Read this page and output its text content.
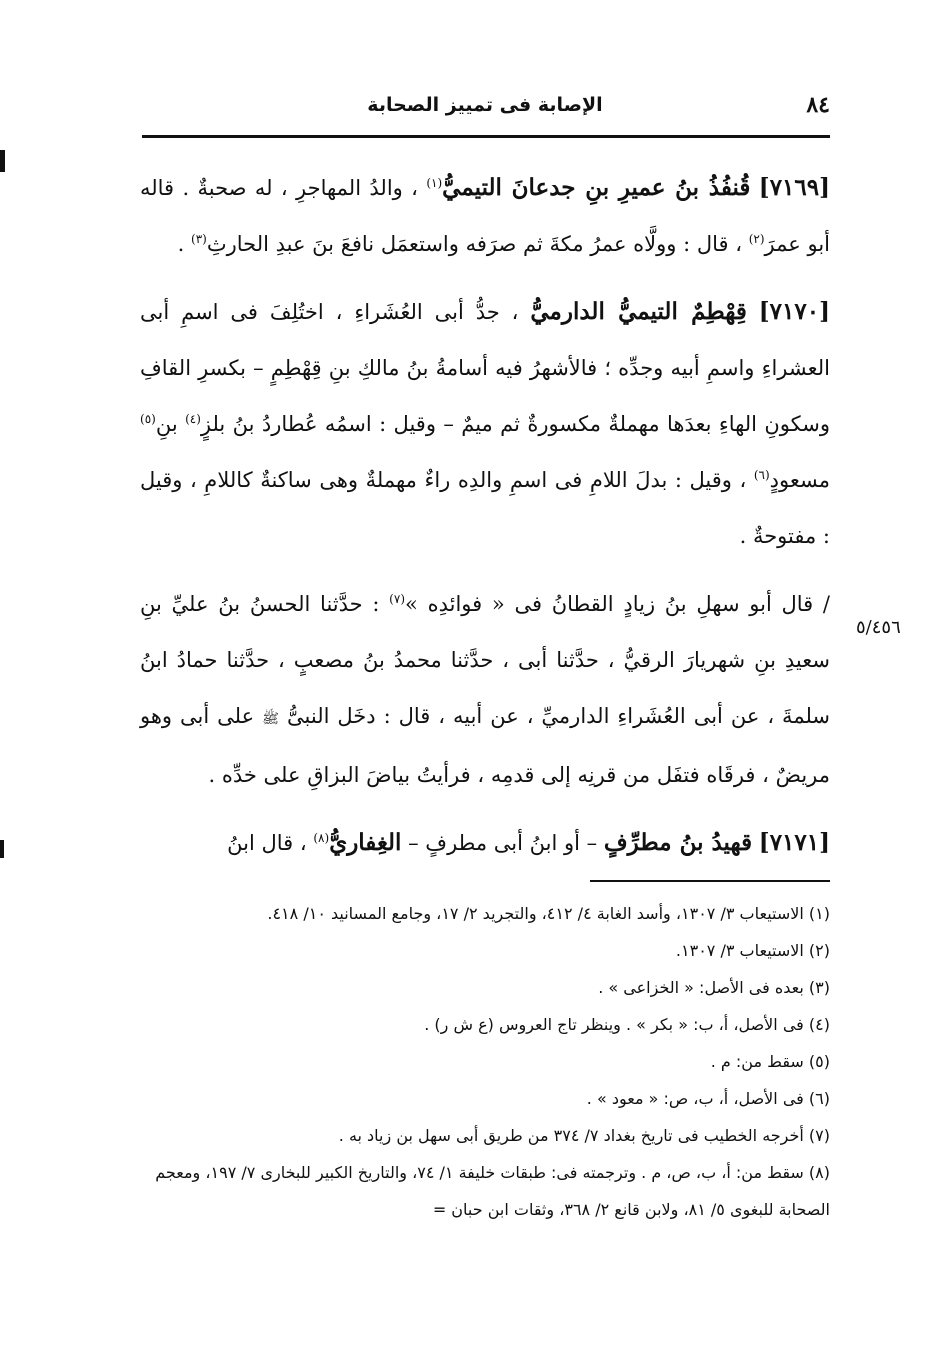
٨٤
الإصابة فى تمييز الصحابة

[٧١٦٩] قُنفُذُ بنُ عميرِ بنِ جدعانَ التيميُّ$^{(١)}$ ، والدُ المهاجرِ ، له صحبةٌ . قاله أبو عمرَ$^{(٢)}$ ، قال : وولَّاه عمرُ مكةَ ثم صرَفه واستعمَل نافعَ بنَ عبدِ الحارثِ$^{(٣)}$ .

[٧١٧٠] قِهْطِمٌ التيميُّ الدارميُّ ، جدُّ أبى العُشَراءِ ، اختُلِفَ فى اسمِ أبى العشراءِ واسمِ أبيه وجدِّه ؛ فالأشهرُ فيه أسامةُ بنُ مالكِ بنِ قِهْطِمٍ – بكسرِ القافِ وسكونِ الهاءِ بعدَها مهملةٌ مكسورةٌ ثم ميمٌ – وقيل : اسمُه عُطاردُ بنُ بلزٍ$^{(٤)}$ بنِ$^{(٥)}$ مسعودٍ$^{(٦)}$ ، وقيل : بدلَ اللامِ فى اسمِ والدِه راءٌ مهملةٌ وهى ساكنةٌ كاللامِ ، وقيل : مفتوحةٌ .

/ قال أبو سهلِ بنُ زيادٍ القطانُ فى « فوائدِه »$^{(٧)}$ : حدَّثنا الحسنُ بنُ عليِّ بنِ سعيدِ بنِ شهريارَ الرقيُّ ، حدَّثنا أبى ، حدَّثنا محمدُ بنُ مصعبٍ ، حدَّثنا حمادُ ابنُ سلمةَ ، عن أبى العُشَراءِ الدارميِّ ، عن أبيه ، قال : دخَل النبىُّ ﷺ على أبى وهو مريضٌ ، فرقَاه فتفَل من قرنِه إلى قدمِه ، فرأيتُ بياضَ البزاقِ على خدِّه .

[٧١٧١] قهيدُ بنُ مطرِّفٍ – أو ابنُ أبى مطرفٍ – الغِفاريُّ$^{(٨)}$ ، قال ابنُ

٥/٤٥٦

(١) الاستيعاب ٣/ ١٣٠٧، وأسد الغابة ٤/ ٤١٢، والتجريد ٢/ ١٧، وجامع المسانيد ١٠/ ٤١٨.

(٢) الاستيعاب ٣/ ١٣٠٧.

(٣) بعده فى الأصل: « الخزاعى » .

(٤) فى الأصل، أ، ب: « بكر » . وينظر تاج العروس (ع ش ر) .

(٥) سقط من: م .

(٦) فى الأصل، أ، ب، ص: « معود » .

(٧) أخرجه الخطيب فى تاريخ بغداد ٧/ ٣٧٤ من طريق أبى سهل بن زياد به .

(٨) سقط من: أ، ب، ص، م . وترجمته فى: طبقات خليفة ١/ ٧٤، والتاريخ الكبير للبخارى ٧/ ١٩٧، ومعجم الصحابة للبغوى ٥/ ٨١، ولابن قانع ٢/ ٣٦٨، وثقات ابن حبان =
